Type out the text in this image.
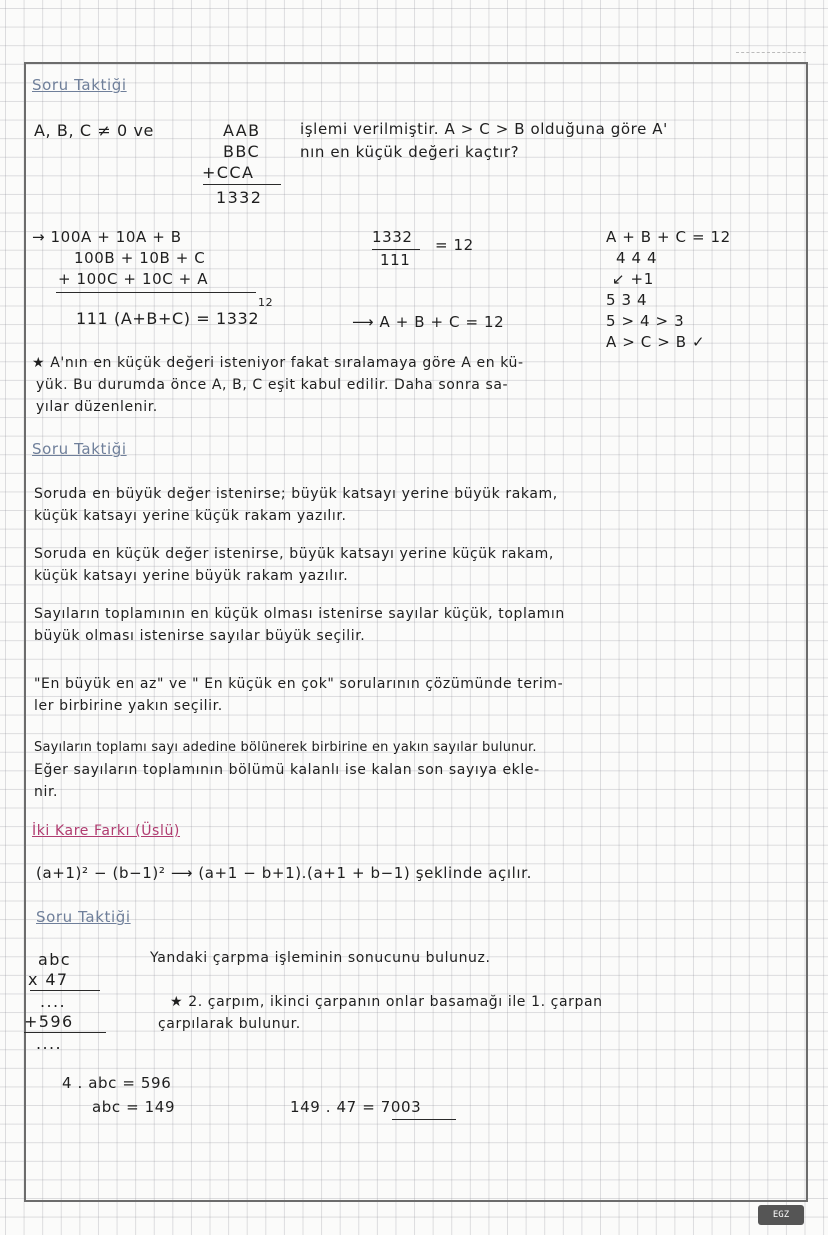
Soru Taktiği
A, B, C ≠ 0 ve	AAB
BBC
+CCA
1332
işlemi verilmiştir. A > C > B olduğuna göre A'
nın en küçük değeri kaçtır?
→ 100A + 10A + B
100B + 10B + C
+ 100C + 10C + A
12
111 (A+B+C) = 1332
1332
111
= 12
⟶ A + B + C = 12
A + B + C = 12
4 4 4
↙ +1
5 3 4
5 > 4 > 3
A > C > B ✓
★ A'nın en küçük değeri isteniyor fakat sıralamaya göre A en kü-
yük. Bu durumda önce A, B, C eşit kabul edilir. Daha sonra sa-
yılar düzenlenir.
Soru Taktiği
Soruda en büyük değer istenirse; büyük katsayı yerine büyük rakam,
küçük katsayı yerine küçük rakam yazılır.
Soruda en küçük değer istenirse, büyük katsayı yerine küçük rakam,
küçük katsayı yerine büyük rakam yazılır.
Sayıların toplamının en küçük olması istenirse sayılar küçük, toplamın
büyük olması istenirse sayılar büyük seçilir.
"En büyük en az" ve " En küçük en çok" sorularının çözümünde terim-
ler birbirine yakın seçilir.
Sayıların toplamı sayı adedine bölünerek birbirine en yakın sayılar bulunur.
Eğer sayıların toplamının bölümü kalanlı ise kalan son sayıya ekle-
nir.
İki Kare Farkı (Üslü)
(a+1)² − (b−1)² ⟶ (a+1 − b+1).(a+1 + b−1) şeklinde açılır.
Soru Taktiği
abc
x 47
....
+596
....
Yandaki çarpma işleminin sonucunu bulunuz.
★ 2. çarpım, ikinci çarpanın onlar basamağı ile 1. çarpan
çarpılarak bulunur.
4 . abc = 596
abc = 149	149 . 47 = 7003
EGZ
